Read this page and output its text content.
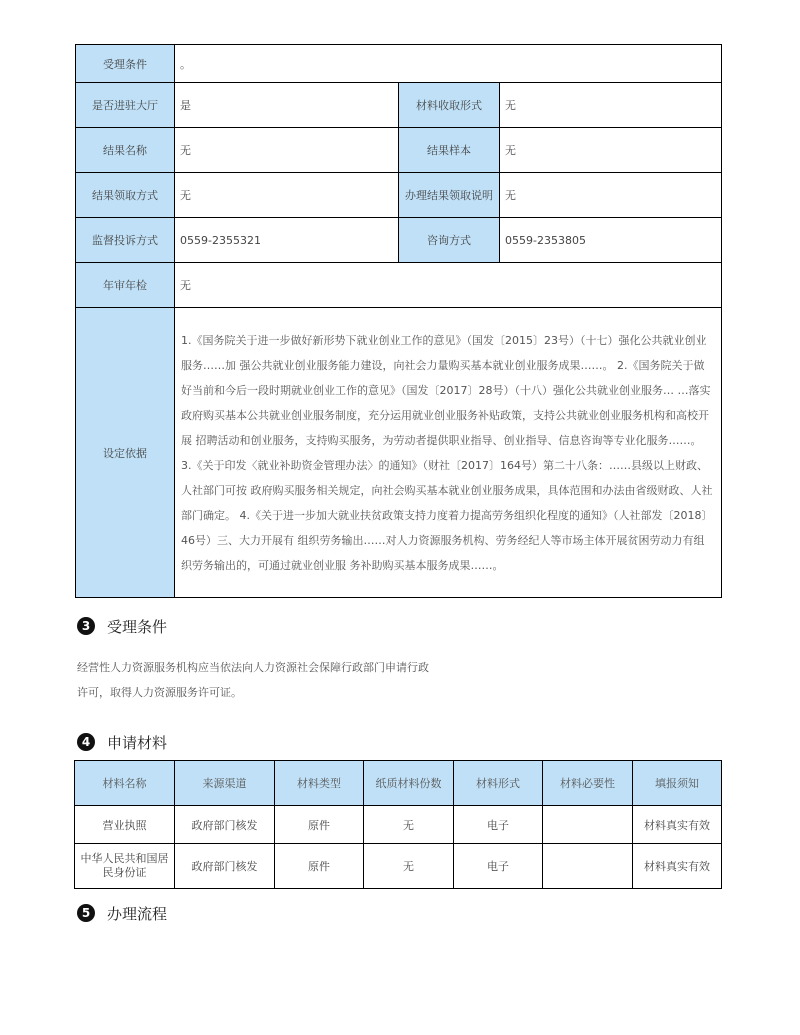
受理条件	。		
是否进驻大厅	是	材料收取形式	无
结果名称	无	结果样本	无
结果领取方式	无	办理结果领取说明	无
监督投诉方式	0559-2355321	咨询方式	0559-2353805
年审年检	无		
设定依据	1.《国务院关于进一步做好新形势下就业创业工作的意见》（国发〔2015〕23号）（十七）强化公共就业创业服务……加 强公共就业创业服务能力建设，向社会力量购买基本就业创业服务成果……。 2.《国务院关于做好当前和今后一段时期就业创业工作的意见》（国发〔2017〕28号）（十八）强化公共就业创业服务… …落实政府购买基本公共就业创业服务制度，充分运用就业创业服务补贴政策，支持公共就业创业服务机构和高校开展 招聘活动和创业服务，支持购买服务，为劳动者提供职业指导、创业指导、信息咨询等专业化服务……。 3.《关于印发〈就业补助资金管理办法〉的通知》（财社〔2017〕164号）第二十八条：……县级以上财政、人社部门可按 政府购买服务相关规定，向社会购买基本就业创业服务成果，具体范围和办法由省级财政、人社部门确定。 4.《关于进一步加大就业扶贫政策支持力度着力提高劳务组织化程度的通知》（人社部发〔2018〕46号）三、大力开展有 组织劳务输出……对人力资源服务机构、劳务经纪人等市场主体开展贫困劳动力有组织劳务输出的，可通过就业创业服 务补助购买基本服务成果……。		
3	受理条件
经营性人力资源服务机构应当依法向人力资源社会保障行政部门申请行政
许可，取得人力资源服务许可证。
4	申请材料
材料名称	来源渠道	材料类型	纸质材料份数	材料形式	材料必要性	填报须知
营业执照	政府部门核发	原件	无	电子		材料真实有效
中华人民共和国居民身份证	政府部门核发	原件	无	电子		材料真实有效
5	办理流程
